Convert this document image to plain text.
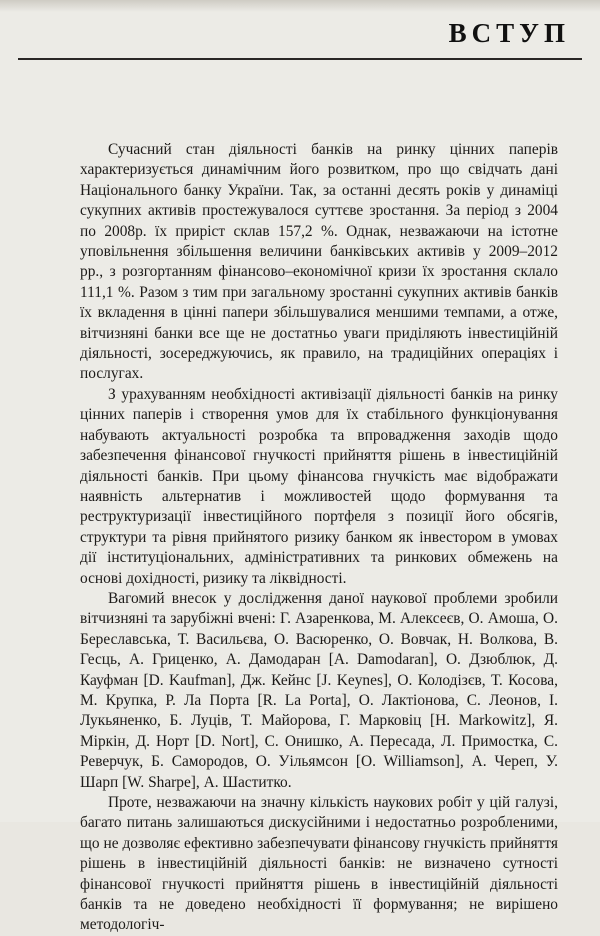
ВСТУП

Сучасний стан діяльності банків на ринку цінних паперів характеризується динамічним його розвитком, про що свідчать дані Національного банку України. Так, за останні десять років у динаміці сукупних активів простежувалося суттєве зростання. За період з 2004 по 2008р. їх приріст склав 157,2 %. Однак, незважаючи на істотне уповільнення збільшення величини банківських активів у 2009–2012 рр., з розгортанням фінансово–економічної кризи їх зростання склало 111,1 %. Разом з тим при загальному зростанні сукупних активів банків їх вкладення в цінні папери збільшувалися меншими темпами, а отже, вітчизняні банки все ще не достатньо уваги приділяють інвестиційній діяльності, зосереджуючись, як правило, на традиційних операціях і послугах.

З урахуванням необхідності активізації діяльності банків на ринку цінних паперів і створення умов для їх стабільного функціонування набувають актуальності розробка та впровадження заходів щодо забезпечення фінансової гнучкості прийняття рішень в інвестиційній діяльності банків. При цьому фінансова гнучкість має відображати наявність альтернатив і можливостей щодо формування та реструктуризації інвестиційного портфеля з позиції його обсягів, структури та рівня прийнятого ризику банком як інвестором в умовах дії інституціональних, адміністративних та ринкових обмежень на основі дохідності, ризику та ліквідності.

Вагомий внесок у дослідження даної наукової проблеми зробили вітчизняні та зарубіжні вчені: Г. Азаренкова, М. Алексеєв, О. Амоша, О. Береславська, Т. Васильєва, О. Васюренко, О. Вовчак, Н. Волкова, В. Гесць, А. Гриценко, А. Дамодаран [A. Damodaran], О. Дзюблюк, Д. Кауфман [D. Kaufman], Дж. Кейнс [J. Keynes], О. Колодізєв, Т. Косова, М. Крупка, Р. Ла Порта [R. La Porta], О. Лактіонова, С. Леонов, І. Лукьяненко, Б. Луців, Т. Майорова, Г. Марковіц [H. Markowitz], Я. Міркін, Д. Норт [D. Nort], С. Онишко, А. Пересада, Л. Примостка, С. Реверчук, Б. Самородов, О. Уільямсон [O. Williamson], А. Череп, У. Шарп [W. Sharpe], А. Шаститко.

Проте, незважаючи на значну кількість наукових робіт у цій галузі, багато питань залишаються дискусійними і недостатньо розробленими, що не дозволяє ефективно забезпечувати фінансову гнучкість прийняття рішень в інвестиційній діяльності банків: не визначено сутності фінансової гнучкості прийняття рішень в інвестиційній діяльності банків та не доведено необхідності її формування; не вирішено методологіч-
